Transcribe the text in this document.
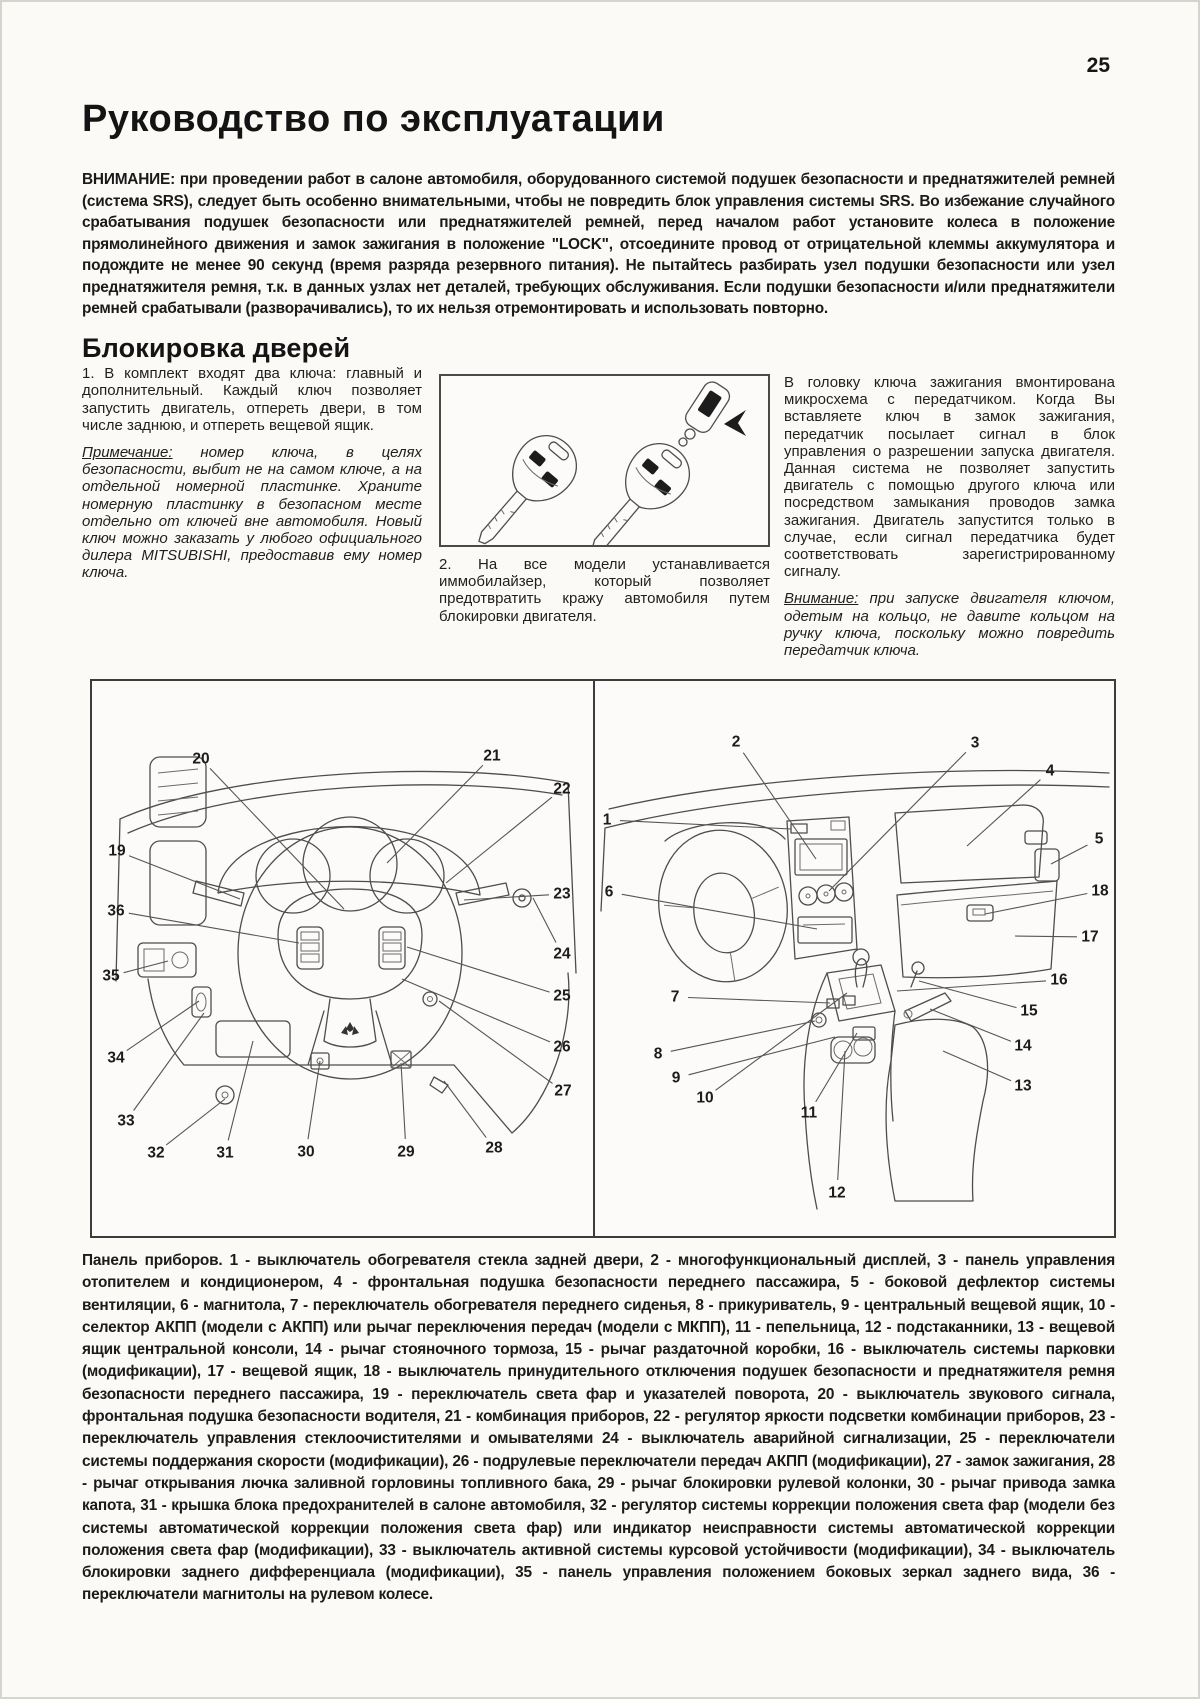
25
Руководство по эксплуатации
ВНИМАНИЕ: при проведении работ в салоне автомобиля, оборудованного системой подушек безопасности и преднатяжителей ремней (система SRS), следует быть особенно внимательными, чтобы не повредить блок управления системы SRS. Во избежание случайного срабатывания подушек безопасности или преднатяжителей ремней, перед началом работ установите колеса в положение прямолинейного движения и замок зажигания в положение "LOCK", отсоедините провод от отрицательной клеммы аккумулятора и подождите не менее 90 секунд (время разряда резервного питания). Не пытайтесь разбирать узел подушки безопасности или узел преднатяжителя ремня, т.к. в данных узлах нет деталей, требующих обслуживания. Если подушки безопасности и/или преднатяжители ремней срабатывали (разворачивались), то их нельзя отремонтировать и использовать повторно.
Блокировка дверей

1. В комплект входят два ключа: главный и дополнительный. Каждый ключ позволяет запустить двигатель, отпереть двери, в том числе заднюю, и отпереть вещевой ящик.

Примечание: номер ключа, в целях безопасности, выбит не на самом ключе, а на отдельной номерной пластинке. Храните номерную пластинку в безопасном месте отдельно от ключей вне автомобиля. Новый ключ можно заказать у любого официального дилера MITSUBISHI, предоставив ему номер ключа.	2. На все модели устанавливается иммобилайзер, который позволяет предотвратить кражу автомобиля путем блокировки двигателя.

В головку ключа зажигания вмонтирована микросхема с передатчиком. Когда Вы вставляете ключ в замок зажигания, передатчик посылает сигнал в блок управления о разрешении запуска двигателя. Данная система не позволяет запустить двигатель с помощью другого ключа или посредством замыкания проводов замка зажигания. Двигатель запустится только в случае, если сигнал передатчика будет соответствовать зарегистрированному сигналу.

Внимание: при запуске двигателя ключом, одетым на кольцо, не давите кольцом на ручку ключа, поскольку можно повредить передатчик ключа.

19
20	21
22
23
24
25
26
27
28
29
30
31
32
33
34
35
36
1
2	3
4
5
6
7
8
9
10
11
12
13
14
15
16
17
18
Панель приборов. 1 - выключатель обогревателя стекла задней двери, 2 - многофункциональный дисплей, 3 - панель управления отопителем и кондиционером, 4 - фронтальная подушка безопасности переднего пассажира, 5 - боковой дефлектор системы вентиляции, 6 - магнитола, 7 - переключатель обогревателя переднего сиденья, 8 - прикуриватель, 9 - центральный вещевой ящик, 10 - селектор АКПП (модели с АКПП) или рычаг переключения передач (модели с МКПП), 11 - пепельница, 12 - подстаканники, 13 - вещевой ящик центральной консоли, 14 - рычаг стояночного тормоза, 15 - рычаг раздаточной коробки, 16 - выключатель системы парковки (модификации), 17 - вещевой ящик, 18 - выключатель принудительного отключения подушек безопасности и преднатяжителя ремня безопасности переднего пассажира, 19 - переключатель света фар и указателей поворота, 20 - выключатель звукового сигнала, фронтальная подушка безопасности водителя, 21 - комбинация приборов, 22 - регулятор яркости подсветки комбинации приборов, 23 - переключатель управления стеклоочистителями и омывателями 24 - выключатель аварийной сигнализации, 25 - переключатели системы поддержания скорости (модификации), 26 - подрулевые переключатели передач АКПП (модификации), 27 - замок зажигания, 28 - рычаг открывания лючка заливной горловины топливного бака, 29 - рычаг блокировки рулевой колонки, 30 - рычаг привода замка капота, 31 - крышка блока предохранителей в салоне автомобиля, 32 - регулятор системы коррекции положения света фар (модели без системы автоматической коррекции положения света фар) или индикатор неисправности системы автоматической коррекции положения света фар (модификации), 33 - выключатель активной системы курсовой устойчивости (модификации), 34 - выключатель блокировки заднего дифференциала (модификации), 35 - панель управления положением боковых зеркал заднего вида, 36 - переключатели магнитолы на рулевом колесе.
